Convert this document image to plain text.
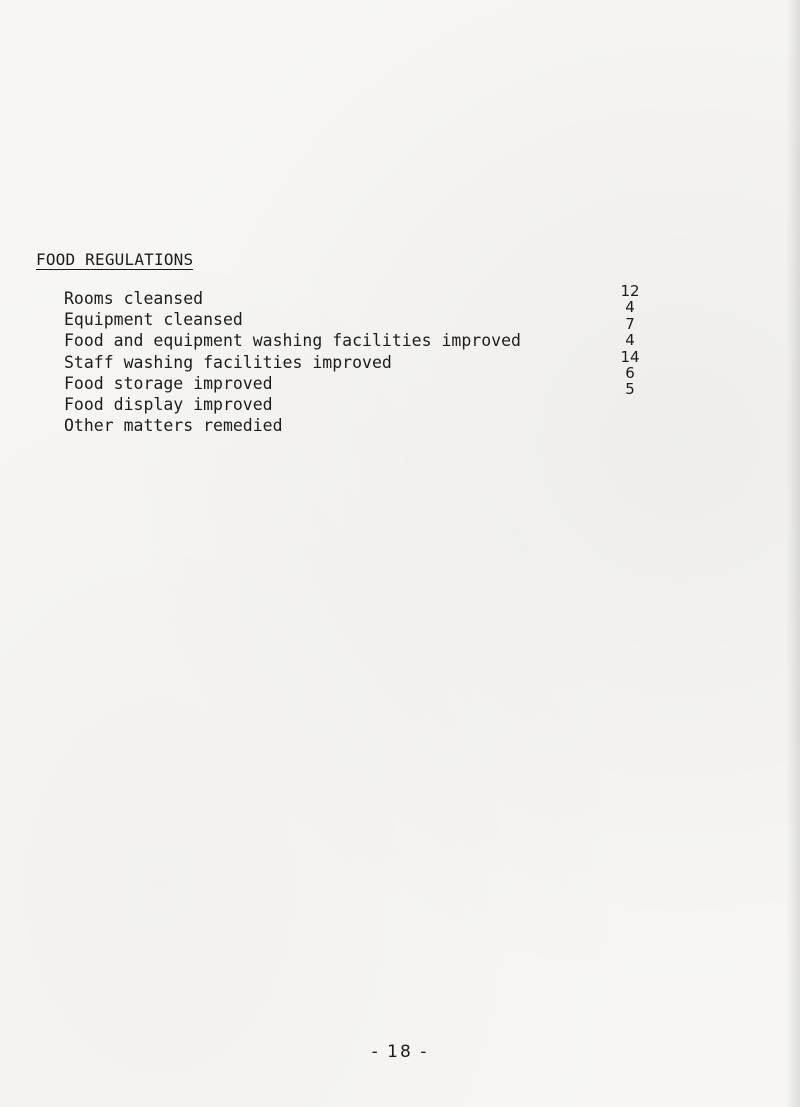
FOOD REGULATIONS
Rooms cleansed
Equipment cleansed
Food and equipment washing facilities improved
Staff washing facilities improved
Food storage improved
Food display improved
Other matters remedied
12
4
7
4
14
6
5
- 18 -
